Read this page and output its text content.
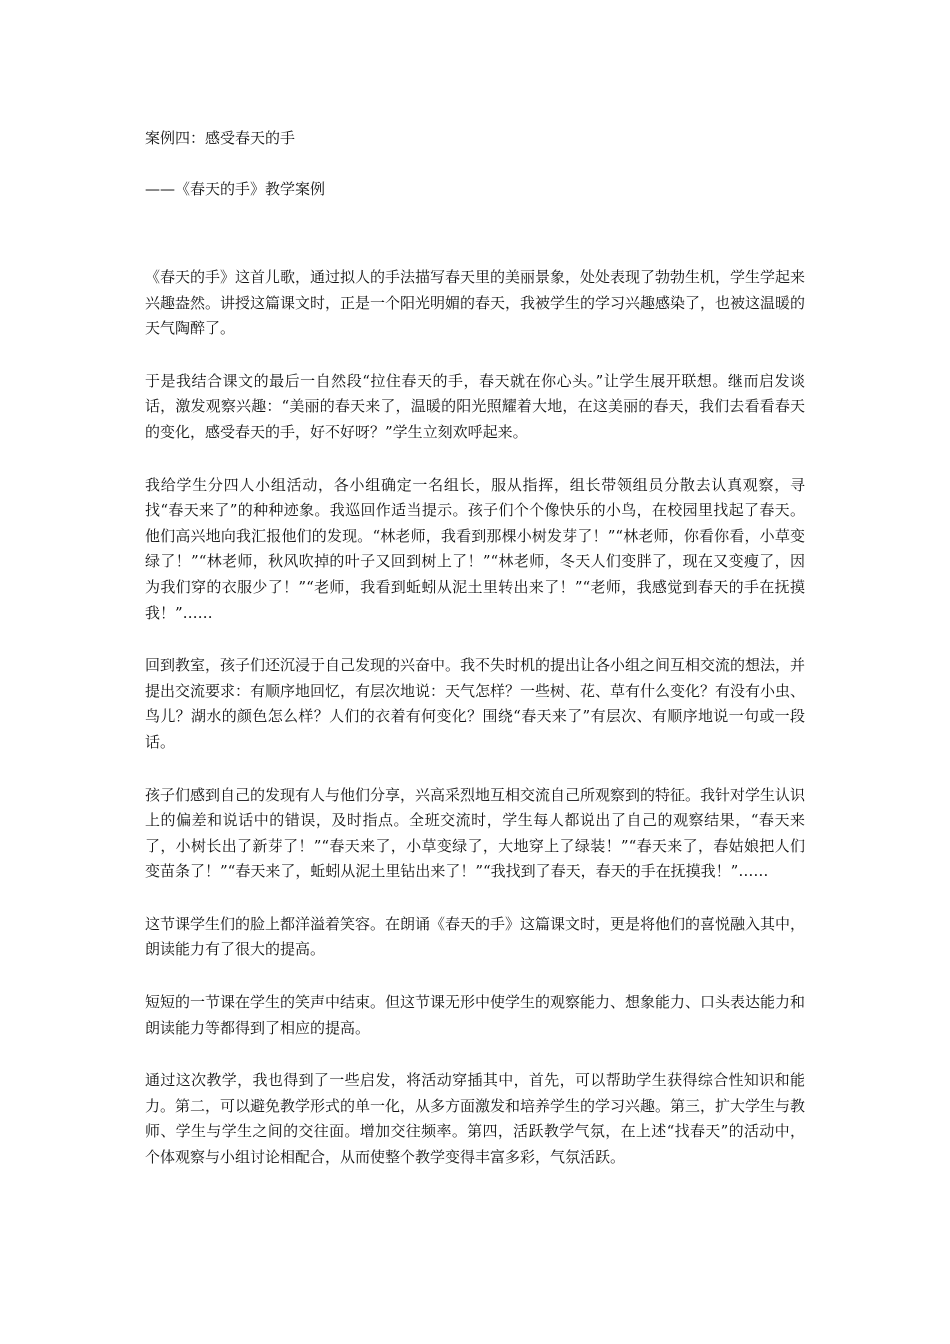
案例四：感受春天的手
——《春天的手》教学案例

《春天的手》这首儿歌，通过拟人的手法描写春天里的美丽景象，处处表现了勃勃生机，学生学起来兴趣盎然。讲授这篇课文时，正是一个阳光明媚的春天，我被学生的学习兴趣感染了，也被这温暖的天气陶醉了。

于是我结合课文的最后一自然段“拉住春天的手，春天就在你心头。”让学生展开联想。继而启发谈话，激发观察兴趣：“美丽的春天来了，温暖的阳光照耀着大地，在这美丽的春天，我们去看看春天的变化，感受春天的手，好不好呀？”学生立刻欢呼起来。

我给学生分四人小组活动，各小组确定一名组长，服从指挥，组长带领组员分散去认真观察，寻找“春天来了”的种种迹象。我巡回作适当提示。孩子们个个像快乐的小鸟，在校园里找起了春天。他们高兴地向我汇报他们的发现。“林老师，我看到那棵小树发芽了！”“林老师，你看你看，小草变绿了！”“林老师，秋风吹掉的叶子又回到树上了！”“林老师，冬天人们变胖了，现在又变瘦了，因为我们穿的衣服少了！”“老师，我看到蚯蚓从泥土里转出来了！”“老师，我感觉到春天的手在抚摸我！”……

回到教室，孩子们还沉浸于自己发现的兴奋中。我不失时机的提出让各小组之间互相交流的想法，并提出交流要求：有顺序地回忆，有层次地说：天气怎样？一些树、花、草有什么变化？有没有小虫、鸟儿？湖水的颜色怎么样？人们的衣着有何变化？围绕“春天来了”有层次、有顺序地说一句或一段话。

孩子们感到自己的发现有人与他们分享，兴高采烈地互相交流自己所观察到的特征。我针对学生认识上的偏差和说话中的错误，及时指点。全班交流时，学生每人都说出了自己的观察结果，“春天来了，小树长出了新芽了！”“春天来了，小草变绿了，大地穿上了绿装！”“春天来了，春姑娘把人们变苗条了！”“春天来了，蚯蚓从泥土里钻出来了！”“我找到了春天，春天的手在抚摸我！”……

这节课学生们的脸上都洋溢着笑容。在朗诵《春天的手》这篇课文时，更是将他们的喜悦融入其中，朗读能力有了很大的提高。

短短的一节课在学生的笑声中结束。但这节课无形中使学生的观察能力、想象能力、口头表达能力和朗读能力等都得到了相应的提高。

通过这次教学，我也得到了一些启发，将活动穿插其中，首先，可以帮助学生获得综合性知识和能力。第二，可以避免教学形式的单一化，从多方面激发和培养学生的学习兴趣。第三，扩大学生与教师、学生与学生之间的交往面。增加交往频率。第四，活跃教学气氛，在上述“找春天”的活动中，个体观察与小组讨论相配合，从而使整个教学变得丰富多彩，气氛活跃。
